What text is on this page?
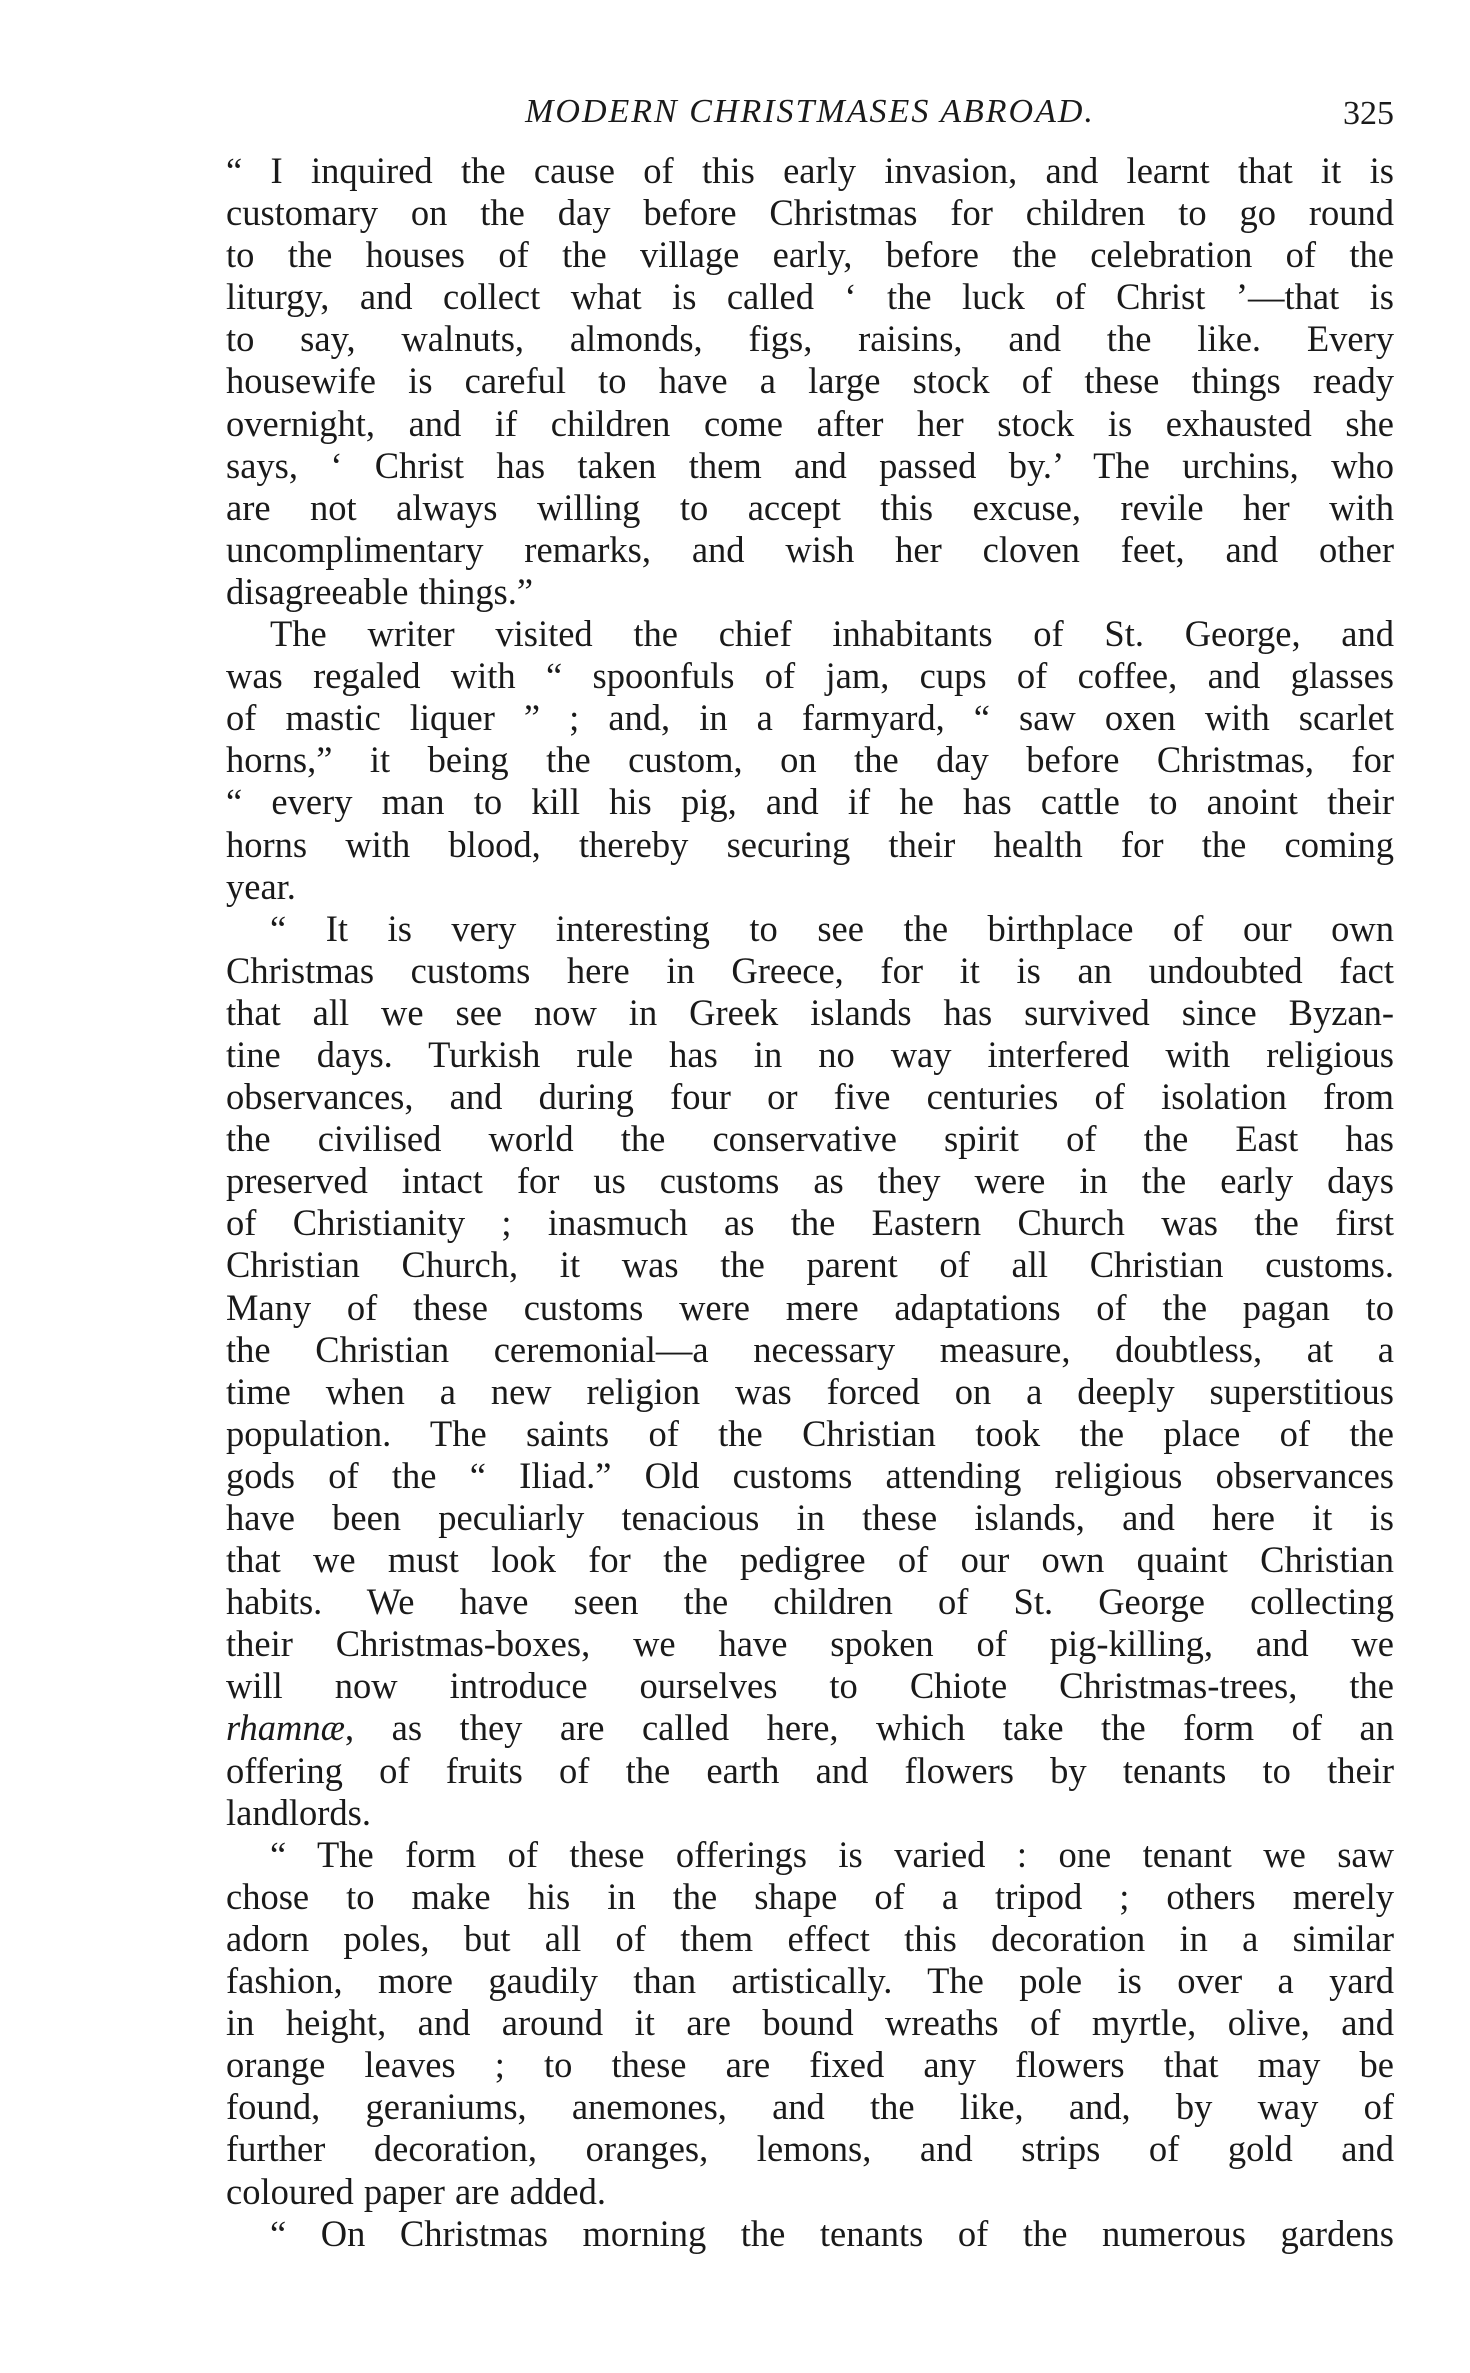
MODERN CHRISTMASES ABROAD.	325
“ I inquired the cause of this early invasion, and learnt that it is
customary on the day before Christmas for children to go round
to the houses of the village early, before the celebration of the
liturgy, and collect what is called ‘ the luck of Christ ’—that is
to say, walnuts, almonds, figs, raisins, and the like. Every
housewife is careful to have a large stock of these things ready
overnight, and if children come after her stock is exhausted she
says, ‘ Christ has taken them and passed by.’ The urchins, who
are not always willing to accept this excuse, revile her with
uncomplimentary remarks, and wish her cloven feet, and other
disagreeable things.”
The writer visited the chief inhabitants of St. George, and
was regaled with “ spoonfuls of jam, cups of coffee, and glasses
of mastic liquer ” ; and, in a farmyard, “ saw oxen with scarlet
horns,” it being the custom, on the day before Christmas, for
“ every man to kill his pig, and if he has cattle to anoint their
horns with blood, thereby securing their health for the coming
year.
“ It is very interesting to see the birthplace of our own
Christmas customs here in Greece, for it is an undoubted fact
that all we see now in Greek islands has survived since Byzan-
tine days. Turkish rule has in no way interfered with religious
observances, and during four or five centuries of isolation from
the civilised world the conservative spirit of the East has
preserved intact for us customs as they were in the early days
of Christianity ; inasmuch as the Eastern Church was the first
Christian Church, it was the parent of all Christian customs.
Many of these customs were mere adaptations of the pagan to
the Christian ceremonial—a necessary measure, doubtless, at a
time when a new religion was forced on a deeply superstitious
population. The saints of the Christian took the place of the
gods of the “ Iliad.” Old customs attending religious observances
have been peculiarly tenacious in these islands, and here it is
that we must look for the pedigree of our own quaint Christian
habits. We have seen the children of St. George collecting
their Christmas-boxes, we have spoken of pig-killing, and we
will now introduce ourselves to Chiote Christmas-trees, the
rhamnæ, as they are called here, which take the form of an
offering of fruits of the earth and flowers by tenants to their
landlords.
“ The form of these offerings is varied : one tenant we saw
chose to make his in the shape of a tripod ; others merely
adorn poles, but all of them effect this decoration in a similar
fashion, more gaudily than artistically. The pole is over a yard
in height, and around it are bound wreaths of myrtle, olive, and
orange leaves ; to these are fixed any flowers that may be
found, geraniums, anemones, and the like, and, by way of
further decoration, oranges, lemons, and strips of gold and
coloured paper are added.
“ On Christmas morning the tenants of the numerous gardens
